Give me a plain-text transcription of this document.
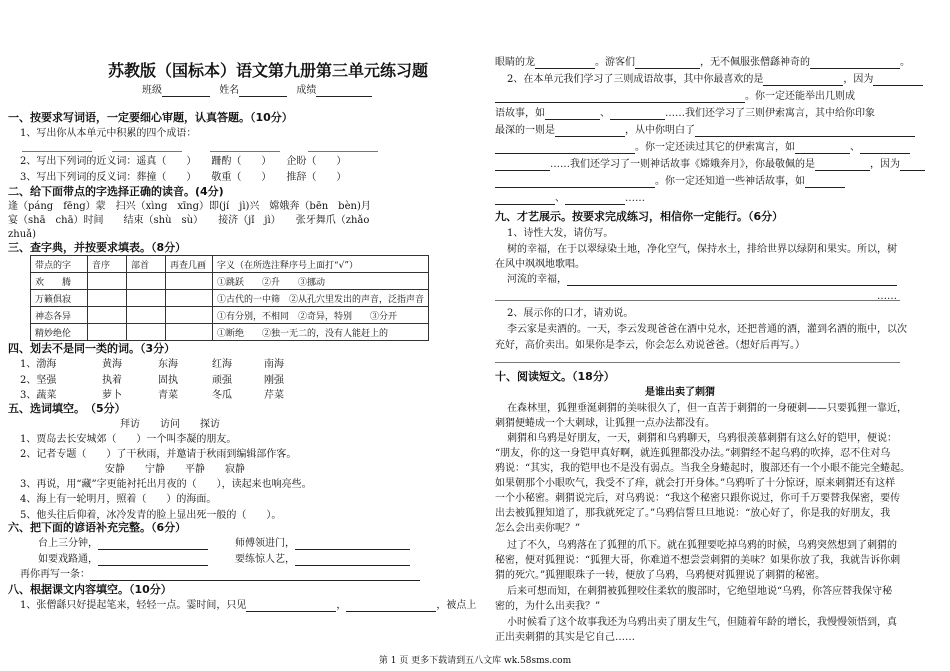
苏教版（国标本）语文第九册第三单元练习题
班级	姓名	成绩
一、按要求写词语，一定要细心审题，认真答题。（10分）
1、写出你从本单元中积累的四个成语：
2、写出下列词的近义词：遥真（　　）　　跚酌（　　）　　企盼（　　）
3、写出下列词的反义词：葬撞（　　）　　敬重（　　）　　推辞（　　）
二、给下面带点的字选择正确的读音。(4分)
逢（páng　fēng）蒙　扫兴（xìng　xīng）即(jí　jì)兴　嫦娥奔（bēn　bèn)月
宴（shā　chā）时间　　结束（shù　sù）　　接济（jǐ　jì）　　张牙舞爪（zhǎo
zhuǎ)
三、查字典，并按要求填表。（8分）
带点的字	音序	部首	再查几画	字义（在所选注释序号上面打“√”）
欢　　腾				①跳跃　　②升　　③挪动
万籁俱寂				①古代的一中筛　②从孔穴里发出的声音，泛指声音
神态各异				①有分别，不相同　②奇异，特别　　③分开
精妙绝伦				①断绝　　②独一无二的，没有人能赶上的
四、划去不是同一类的词。（3分）
1、渤海	黄海	东海	红海	南海
2、坚强	执着	固执	顽强	刚强
3、蔬菜	萝卜	青菜	冬瓜	芹菜
五、选词填空。　（5分）
拜访　　访问　　探访
1、贾岛去长安城郊（　　）一个叫李凝的朋友。
2、记者专题（　　）了干秋雨，并邀请于秋雨到编辑部作客。
安静　　宁静　　平静　　寂静
3、再说，用“藏”字更能衬托出月夜的（　　），读起来也响亮些。
4、海上有一轮明月，照着（　　）的海面。
5、他头往后仰着，冰冷发青的脸上显出死一般的（　　）。
六、把下面的谚语补充完整。（6分）
台上三分钟，	师傅领进门，
如要戏路通，	要练惊人艺，
再你再写一条：
八、根据课文内容填空。（10分）
1、张僧繇只好提起笔来，轻轻一点。霎时间，只见	，	，被点上
眼睛的龙	。游客们	，无不佩服张僧繇神奇的	。
2、在本单元我们学习了三则成语故事，其中你最喜欢的是	，因为
。你一定还能举出几则成
语故事，如	、	……我们还学习了三则伊索寓言，其中给你印象
最深的一则是	，从中你明白了
。你一定还读过其它的伊索寓言，如	、
……我们还学习了一则神话故事《嫦娥奔月》，你最敬佩的是	，因为
。你一定还知道一些神话故事，如
、	……
九、才艺展示。按要求完成练习，相信你一定能行。（6分）
1、诗性大发，请仿写。
树的幸福，在于以翠绿染土地，净化空气，保持水土，排给世界以绿阴和果实。所以，树
在风中飒飒地歌唱。
河流的幸福，
……
2、展示你的口才，请劝说。
李云家是卖酒的。一天，李云发现爸爸在酒中兑水，还把普通的酒，灌到名酒的瓶中，以次
充好，高价卖出。如果你是李云，你会怎么劝说爸爸。（想好后再写。）
十、阅读短文。（18分）
是谁出卖了刺猬
在森林里，狐狸垂涎刺猬的美味很久了，但一直苦于刺猬的一身硬刺——只要狐狸一靠近，
刺猬便蜷成一个大刺球，让狐狸一点办法都没有。
刺猬和乌鸦是好朋友，一天，刺猬和乌鸦聊天，乌鸦很羡慕刺猬有这么好的铠甲，便说：
“朋友，你的这一身铠甲真好啊，就连狐狸都没办法。”刺猬经不起乌鸦的吹捧，忍不住对乌
鸦说：“其实，我的铠甲也不是没有弱点。当我全身蜷起时，腹部还有一个小眼不能完全蜷起。
如果朝那个小眼吹气，我受不了痒，就会打开身体。”乌鸦听了十分惊讶，原来刺猬还有这样
一个小秘密。刺猬说完后，对乌鸦说：“我这个秘密只跟你说过，你可千万要替我保密，要传
出去被狐狸知道了，那我就死定了。”乌鸦信誓旦旦地说：“放心好了，你是我的好朋友，我
怎么会出卖你呢？”
过了不久，乌鸦落在了狐狸的爪下。就在狐狸要吃掉乌鸦的时候，乌鸦突然想到了刺猬的
秘密，便对狐狸说：“狐狸大哥，你难道不想尝尝刺猬的美味？如果你放了我，我就告诉你刺
猬的死穴。”狐狸眼珠子一转，便放了乌鸦，乌鸦便对狐狸说了刺猬的秘密。
后来可想而知，在刺猬被狐狸咬住柔软的腹部时，它绝望地说“乌鸦，你答应替我保守秘
密的，为什么出卖我？”
小时候看了这个故事我还为乌鸦出卖了朋友生气，但随着年龄的增长，我慢慢领悟到，真
正出卖刺猬的其实是它自己……
第 1 页 更多下载请到五八文库 wk.58sms.com
